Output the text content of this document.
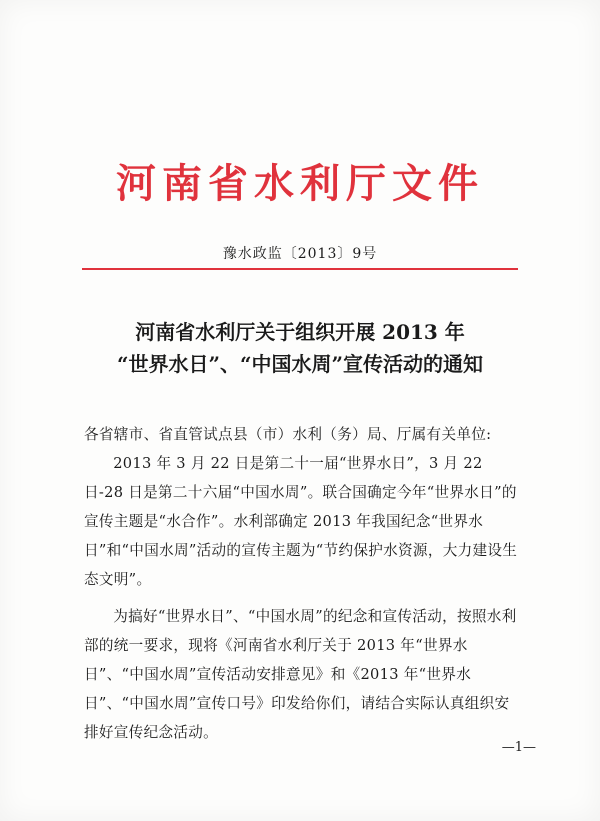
河南省水利厅文件
豫水政监〔2013〕9号
河南省水利厅关于组织开展 2013 年
“世界水日”、“中国水周”宣传活动的通知

各省辖市、省直管试点县（市）水利（务）局、厅属有关单位:

2013 年 3 月 22 日是第二十一届“世界水日”，3 月 22 日-28 日是第二十六届“中国水周”。联合国确定今年“世界水日”的宣传主题是“水合作”。水利部确定 2013 年我国纪念“世界水日”和“中国水周”活动的宣传主题为“节约保护水资源，大力建设生态文明”。

为搞好“世界水日”、“中国水周”的纪念和宣传活动，按照水利部的统一要求，现将《河南省水利厅关于 2013 年“世界水日”、“中国水周”宣传活动安排意见》和《2013 年“世界水日”、“中国水周”宣传口号》印发给你们，请结合实际认真组织安排好宣传纪念活动。

—1—
